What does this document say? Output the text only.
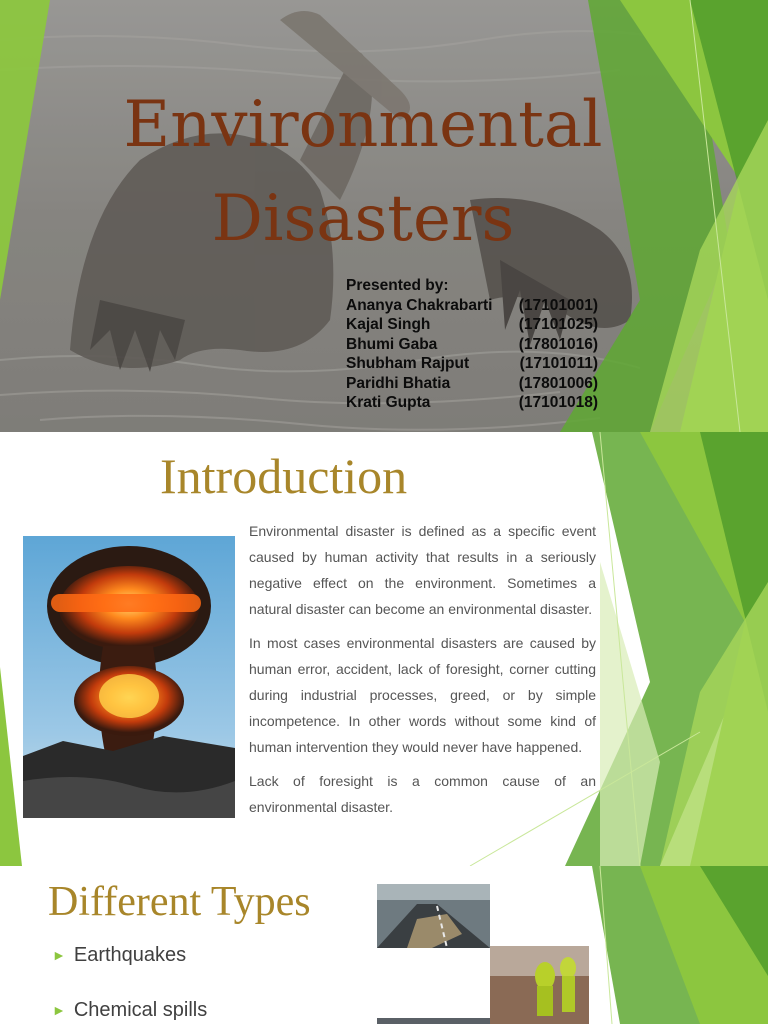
Environmental
Disasters
Presented by:
Ananya Chakrabarti (17101001)
Kajal Singh	(17101025)
Bhumi Gaba	(17801016)
Shubham Rajput	(17101011)
Paridhi Bhatia	(17801006)
Krati Gupta	(17101018)
Introduction

Environmental disaster is defined as a specific event caused by human activity that results in a seriously negative effect on the environment. Sometimes a natural disaster can become an environmental disaster.

In most cases environmental disasters are caused by human error, accident, lack of foresight, corner cutting during industrial processes, greed, or by simple incompetence. In other words without some kind of human intervention they would never have happened.

Lack of foresight is a common cause of an environmental disaster.

Different Types
► Earthquakes
► Chemical spills
